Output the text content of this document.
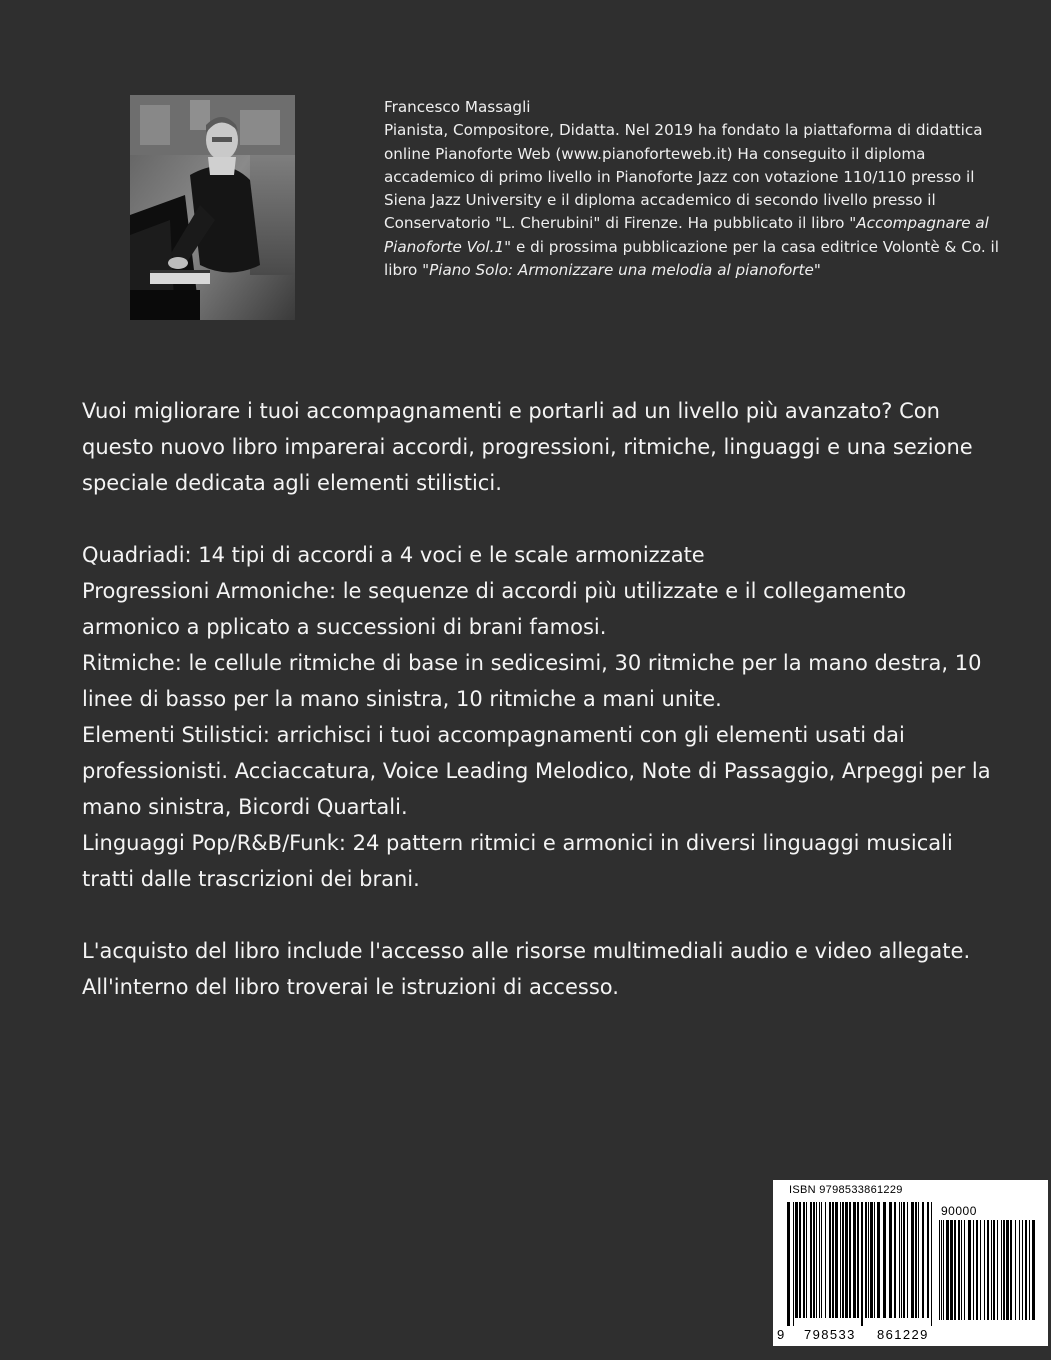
Francesco Massagli

Pianista, Compositore, Didatta. Nel 2019 ha fondato la piattaforma di didattica online Pianoforte Web (www.pianoforteweb.it) Ha conseguito il diploma accademico di primo livello in Pianoforte Jazz con votazione 110/110 presso il Siena Jazz University e il diploma accademico di secondo livello presso il Conservatorio "L. Cherubini" di Firenze. Ha pubblicato il libro "Accompagnare al Pianoforte Vol.1" e di prossima pubblicazione per la casa editrice Volontè & Co. il libro "Piano Solo: Armonizzare una melodia al pianoforte"

Vuoi migliorare i tuoi accompagnamenti e portarli ad un livello più avanzato? Con questo nuovo libro imparerai accordi, progressioni, ritmiche, linguaggi e una sezione speciale dedicata agli elementi stilistici.

Quadriadi: 14 tipi di accordi a 4 voci e le scale armonizzate

Progressioni Armoniche: le sequenze di accordi più utilizzate e il collegamento armonico a pplicato a successioni di brani famosi.

Ritmiche: le cellule ritmiche di base in sedicesimi, 30 ritmiche per la mano destra, 10 linee di basso per la mano sinistra, 10 ritmiche a mani unite.

Elementi Stilistici: arrichisci i tuoi accompagnamenti con gli elementi usati dai professionisti. Acciaccatura, Voice Leading Melodico, Note di Passaggio, Arpeggi per la mano sinistra, Bicordi Quartali.

Linguaggi Pop/R&B/Funk: 24 pattern ritmici e armonici in diversi linguaggi musicali tratti dalle trascrizioni dei brani.

L'acquisto del libro include l'accesso alle risorse multimediali audio e video allegate. All'interno del libro troverai le istruzioni di accesso.

ISBN 9798533861229
90000
9 798533 861229
